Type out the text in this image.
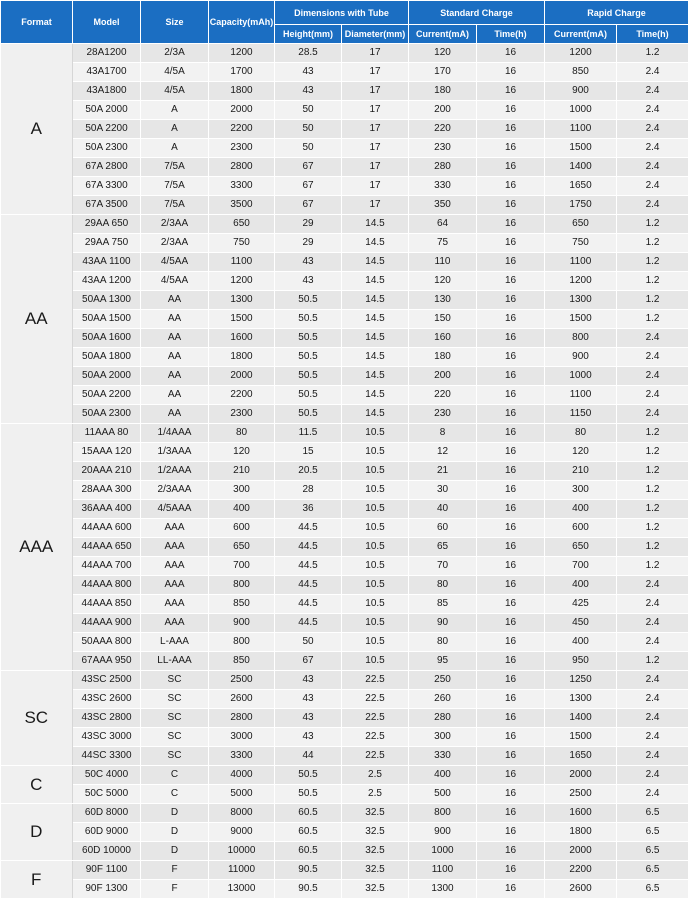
Format	Model	Size	Capacity(mAh)	Dimensions with Tube		Standard Charge		Rapid Charge	
				Height(mm)	Diameter(mm)	Current(mA)	Time(h)	Current(mA)	Time(h)
A	28A1200	2/3A	1200	28.5	17	120	16	1200	1.2
	43A1700	4/5A	1700	43	17	170	16	850	2.4
	43A1800	4/5A	1800	43	17	180	16	900	2.4
	50A 2000	A	2000	50	17	200	16	1000	2.4
	50A 2200	A	2200	50	17	220	16	1100	2.4
	50A 2300	A	2300	50	17	230	16	1500	2.4
	67A 2800	7/5A	2800	67	17	280	16	1400	2.4
	67A 3300	7/5A	3300	67	17	330	16	1650	2.4
	67A 3500	7/5A	3500	67	17	350	16	1750	2.4
AA	29AA 650	2/3AA	650	29	14.5	64	16	650	1.2
	29AA 750	2/3AA	750	29	14.5	75	16	750	1.2
	43AA 1100	4/5AA	1100	43	14.5	110	16	1100	1.2
	43AA 1200	4/5AA	1200	43	14.5	120	16	1200	1.2
	50AA 1300	AA	1300	50.5	14.5	130	16	1300	1.2
	50AA 1500	AA	1500	50.5	14.5	150	16	1500	1.2
	50AA 1600	AA	1600	50.5	14.5	160	16	800	2.4
	50AA 1800	AA	1800	50.5	14.5	180	16	900	2.4
	50AA 2000	AA	2000	50.5	14.5	200	16	1000	2.4
	50AA 2200	AA	2200	50.5	14.5	220	16	1100	2.4
	50AA 2300	AA	2300	50.5	14.5	230	16	1150	2.4
AAA	11AAA 80	1/4AAA	80	11.5	10.5	8	16	80	1.2
	15AAA 120	1/3AAA	120	15	10.5	12	16	120	1.2
	20AAA 210	1/2AAA	210	20.5	10.5	21	16	210	1.2
	28AAA 300	2/3AAA	300	28	10.5	30	16	300	1.2
	36AAA 400	4/5AAA	400	36	10.5	40	16	400	1.2
	44AAA 600	AAA	600	44.5	10.5	60	16	600	1.2
	44AAA 650	AAA	650	44.5	10.5	65	16	650	1.2
	44AAA 700	AAA	700	44.5	10.5	70	16	700	1.2
	44AAA 800	AAA	800	44.5	10.5	80	16	400	2.4
	44AAA 850	AAA	850	44.5	10.5	85	16	425	2.4
	44AAA 900	AAA	900	44.5	10.5	90	16	450	2.4
	50AAA 800	L-AAA	800	50	10.5	80	16	400	2.4
	67AAA 950	LL-AAA	850	67	10.5	95	16	950	1.2
SC	43SC 2500	SC	2500	43	22.5	250	16	1250	2.4
	43SC 2600	SC	2600	43	22.5	260	16	1300	2.4
	43SC 2800	SC	2800	43	22.5	280	16	1400	2.4
	43SC 3000	SC	3000	43	22.5	300	16	1500	2.4
	44SC 3300	SC	3300	44	22.5	330	16	1650	2.4
C	50C 4000	C	4000	50.5	2.5	400	16	2000	2.4
	50C 5000	C	5000	50.5	2.5	500	16	2500	2.4
D	60D 8000	D	8000	60.5	32.5	800	16	1600	6.5
	60D 9000	D	9000	60.5	32.5	900	16	1800	6.5
	60D 10000	D	10000	60.5	32.5	1000	16	2000	6.5
F	90F 1100	F	11000	90.5	32.5	1100	16	2200	6.5
	90F 1300	F	13000	90.5	32.5	1300	16	2600	6.5
